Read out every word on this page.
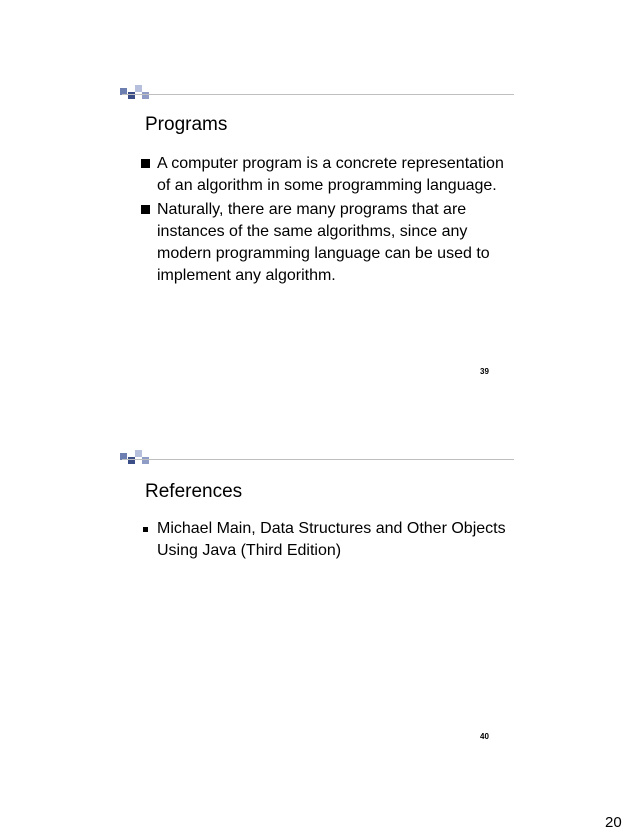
Programs
A computer program is a concrete representation of an algorithm in some programming language.
Naturally, there are many programs that are instances of the same algorithms, since any modern programming language can be used to implement any algorithm.
39
References
Michael Main, Data Structures and Other Objects Using Java (Third Edition)
40
20
